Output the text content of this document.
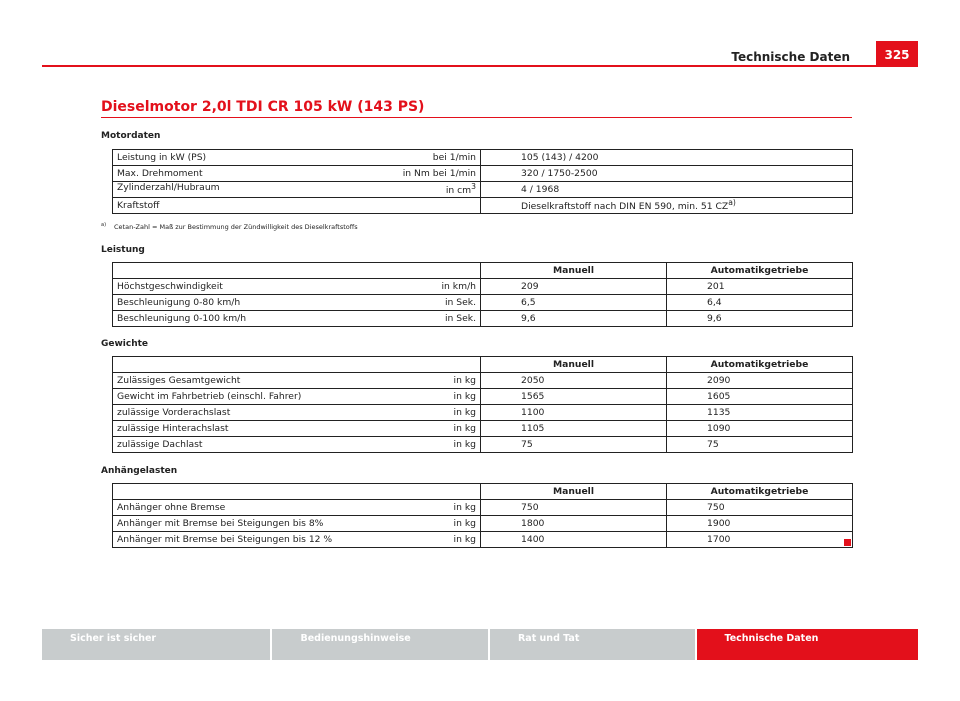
Technische Daten	325
Dieselmotor 2,0l TDI CR 105 kW (143 PS)
Motordaten
Leistung in kW (PS) bei 1/min	105 (143) / 4200

Max. Drehmoment in Nm bei 1/min	320 / 1750-2500

Zylinderzahl/Hubraum in $cm^3$	4 / 1968

Kraftstoff	Dieselkraftstoff nach DIN EN 590, min. 51 CZ$^{a)}$
$^{a)}$ Cetan-Zahl = Maß zur Bestimmung der Zündwilligkeit des Dieselkraftstoffs
Leistung
	Manuell	Automatikgetriebe

Höchstgeschwindigkeit in km/h	209	201

Beschleunigung 0-80 km/h in Sek.	6,5	6,4

Beschleunigung 0-100 km/h in Sek.	9,6	9,6
Gewichte
	Manuell	Automatikgetriebe

Zulässiges Gesamtgewicht in kg	2050	2090

Gewicht im Fahrbetrieb (einschl. Fahrer) in kg	1565	1605

zulässige Vorderachslast in kg	1100	1135

zulässige Hinterachslast in kg	1105	1090

zulässige Dachlast in kg	75	75
Anhängelasten
	Manuell	Automatikgetriebe

Anhänger ohne Bremse in kg	750	750

Anhänger mit Bremse bei Steigungen bis 8% in kg	1800	1900

Anhänger mit Bremse bei Steigungen bis 12 % in kg	1400	1700
Sicher ist sicher	Bedienungshinweise	Rat und Tat	Technische Daten
